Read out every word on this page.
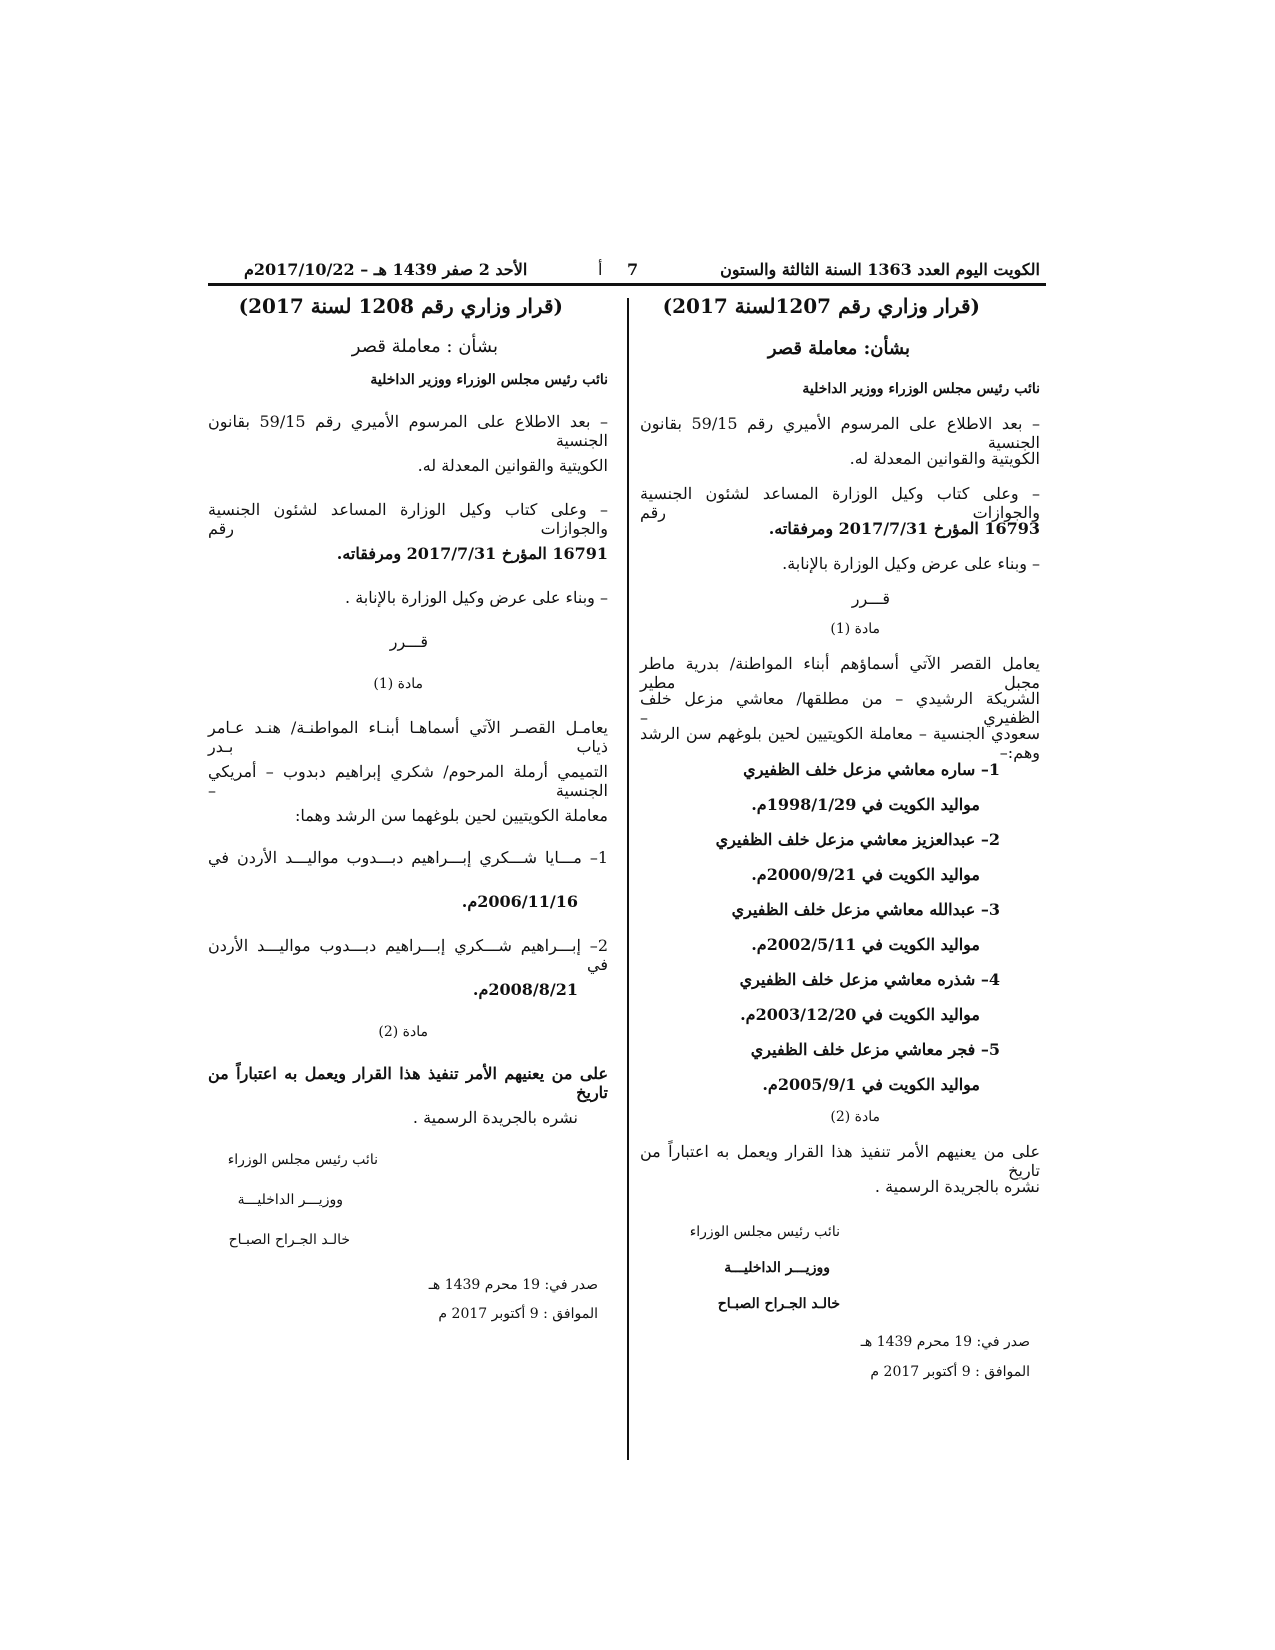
الكويت اليوم العدد 1363 السنة الثالثة والستون
7
أ
الأحد 2 صفر 1439 هـ – 2017/10/22م

(قرار وزاري رقم 1207لسنة 2017)

بشأن: معاملة قصر

نائب رئيس مجلس الوزراء ووزير الداخلية

– بعد الاطلاع على المرسوم الأميري رقم 59/15 بقانون الجنسية

الكويتية والقوانين المعدلة له.

– وعلى كتاب وكيل الوزارة المساعد لشئون الجنسية والجوازات رقم

16793 المؤرخ 2017/7/31 ومرفقاته.

– وبناء على عرض وكيل الوزارة بالإنابة.

قـــرر

مادة (1)

يعامل القصر الآتي أسماؤهم أبناء المواطنة/ بدرية ماطر مجبل مطير

الشريكة الرشيدي – من مطلقها/ معاشي مزعل خلف الظفيري –

سعودي الجنسية – معاملة الكويتيين لحين بلوغهم سن الرشد وهم:–

1– ساره معاشي مزعل خلف الظفيري

مواليد الكويت في 1998/1/29م.

2– عبدالعزيز معاشي مزعل خلف الظفيري

مواليد الكويت في 2000/9/21م.

3– عبدالله معاشي مزعل خلف الظفيري

مواليد الكويت في 2002/5/11م.

4– شذره معاشي مزعل خلف الظفيري

مواليد الكويت في 2003/12/20م.

5– فجر معاشي مزعل خلف الظفيري

مواليد الكويت في 2005/9/1م.

مادة (2)

على من يعنيهم الأمر تنفيذ هذا القرار ويعمل به اعتباراً من تاريخ

نشره بالجريدة الرسمية .

نائب رئيس مجلس الوزراء

ووزيـــر الداخليـــة

خالـد الجـراح الصبـاح

صدر في: 19 محرم 1439 هـ

الموافق : 9 أكتوبر 2017 م

(قرار وزاري رقم 1208 لسنة 2017)

بشأن : معاملة قصر

نائب رئيس مجلس الوزراء ووزير الداخلية

– بعد الاطلاع على المرسوم الأميري رقم 59/15 بقانون الجنسية

الكويتية والقوانين المعدلة له.

– وعلى كتاب وكيل الوزارة المساعد لشئون الجنسية والجوازات رقم

16791 المؤرخ 2017/7/31 ومرفقاته.

– وبناء على عرض وكيل الوزارة بالإنابة .

قـــرر

مادة (1)

يعامـل القصـر الآتي أسماهـا أبنـاء المواطنـة/ هنـد عـامر ذياب بـدر

التميمي أرملة المرحوم/ شكري إبراهيم دبدوب – أمريكي الجنسية –

معاملة الكويتيين لحين بلوغهما سن الرشد وهما:

1– مـــايا شـــكري إبـــراهيم دبـــدوب مواليـــد الأردن في

2006/11/16م.

2– إبـــراهيم شـــكري إبـــراهيم دبـــدوب مواليـــد الأردن في

2008/8/21م.

مادة (2)

على من يعنيهم الأمر تنفيذ هذا القرار ويعمل به اعتباراً من تاريخ

نشره بالجريدة الرسمية .

نائب رئيس مجلس الوزراء

ووزيـــر الداخليـــة

خالـد الجـراح الصبـاح

صدر في: 19 محرم 1439 هـ

الموافق : 9 أكتوبر 2017 م
